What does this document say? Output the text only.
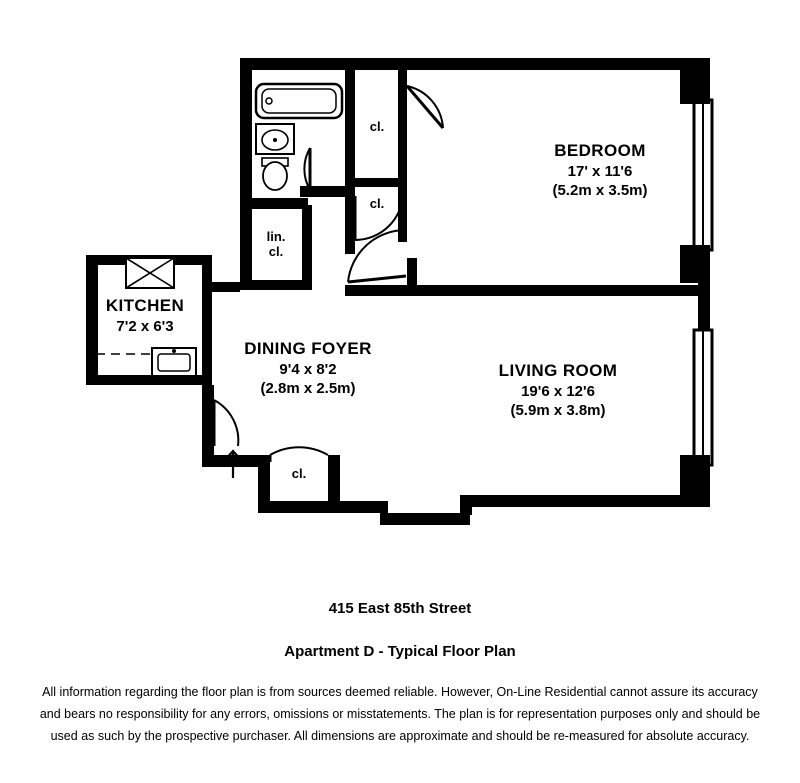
BEDROOM
17' x 11'6
(5.2m x 3.5m)
LIVING ROOM
19'6 x 12'6
(5.9m x 3.8m)
DINING FOYER
9'4 x 8'2
(2.8m x 2.5m)
KITCHEN
7'2 x 6'3
cl.
cl.
lin.
cl.
cl.
415 East 85th Street
Apartment D - Typical Floor Plan
All information regarding the floor plan is from sources deemed reliable. However, On-Line Residential cannot assure its accuracy
and bears no responsibility for any errors, omissions or misstatements. The plan is for representation purposes only and should be
used as such by the prospective purchaser. All dimensions are approximate and should be re-measured for absolute accuracy.
